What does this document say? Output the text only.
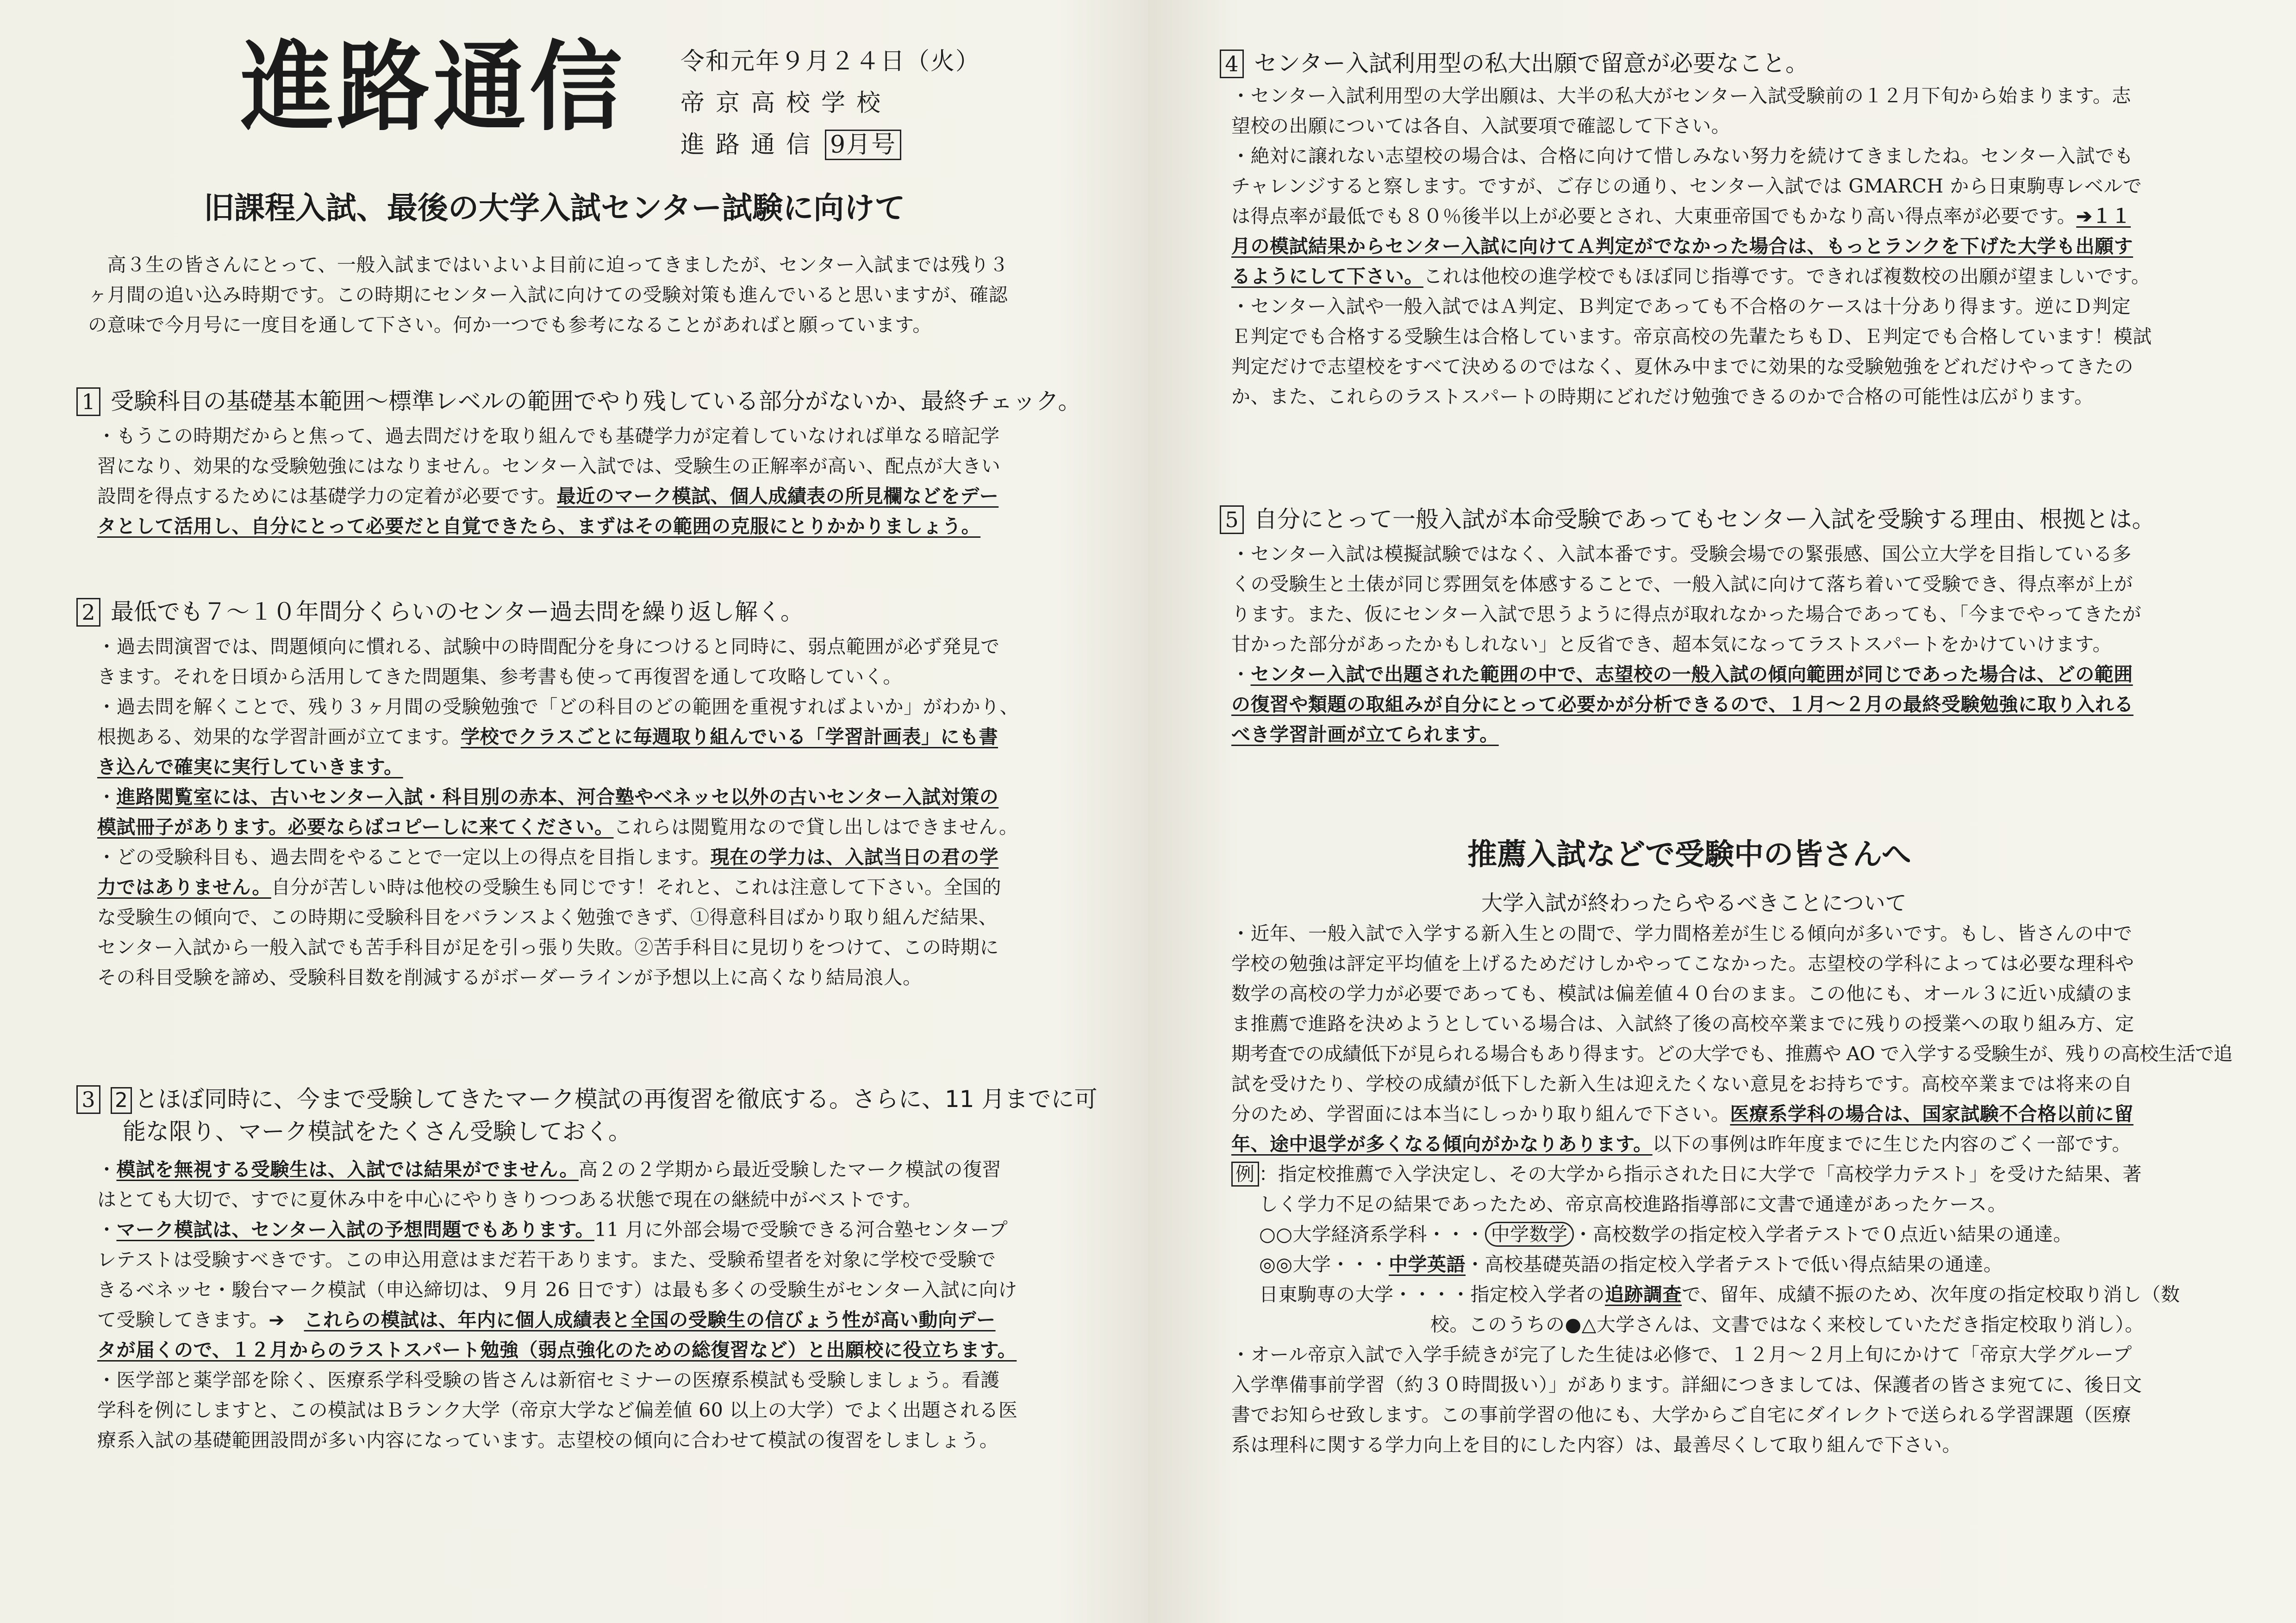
進路通信 令和元年９月２４日（火）
帝京高校学校
進路通信 9月号
旧課程入試、最後の大学入試センター試験に向けて

　高３生の皆さんにとって、一般入試まではいよいよ目前に迫ってきましたが、センター入試までは残り３

ヶ月間の追い込み時期です。この時期にセンター入試に向けての受験対策も進んでいると思いますが、確認

の意味で今月号に一度目を通して下さい。何か一つでも参考になることがあればと願っています。

1 受験科目の基礎基本範囲～標準レベルの範囲でやり残している部分がないか、最終チェック。

・もうこの時期だからと焦って、過去問だけを取り組んでも基礎学力が定着していなければ単なる暗記学

習になり、効果的な受験勉強にはなりません。センター入試では、受験生の正解率が高い、配点が大きい

設問を得点するためには基礎学力の定着が必要です。最近のマーク模試、個人成績表の所見欄などをデー

タとして活用し、自分にとって必要だと自覚できたら、まずはその範囲の克服にとりかかりましょう。

2 最低でも７～１０年間分くらいのセンター過去問を繰り返し解く。

・過去問演習では、問題傾向に慣れる、試験中の時間配分を身につけると同時に、弱点範囲が必ず発見で

きます。それを日頃から活用してきた問題集、参考書も使って再復習を通して攻略していく。

・過去問を解くことで、残り３ヶ月間の受験勉強で「どの科目のどの範囲を重視すればよいか」がわかり、

根拠ある、効果的な学習計画が立てます。学校でクラスごとに毎週取り組んでいる「学習計画表」にも書

き込んで確実に実行していきます。

・進路閲覧室には、古いセンター入試・科目別の赤本、河合塾やベネッセ以外の古いセンター入試対策の

模試冊子があります。必要ならばコピーしに来てください。これらは閲覧用なので貸し出しはできません。

・どの受験科目も、過去問をやることで一定以上の得点を目指します。現在の学力は、入試当日の君の学

力ではありません。自分が苦しい時は他校の受験生も同じです！それと、これは注意して下さい。全国的

な受験生の傾向で、この時期に受験科目をバランスよく勉強できず、①得意科目ばかり取り組んだ結果、

センター入試から一般入試でも苦手科目が足を引っ張り失敗。②苦手科目に見切りをつけて、この時期に

その科目受験を諦め、受験科目数を削減するがボーダーラインが予想以上に高くなり結局浪人。

3 2 とほぼ同時に、今まで受験してきたマーク模試の再復習を徹底する。さらに、11 月までに可
能な限り、マーク模試をたくさん受験しておく。

・模試を無視する受験生は、入試では結果がでません。高２の２学期から最近受験したマーク模試の復習

はとても大切で、すでに夏休み中を中心にやりきりつつある状態で現在の継続中がベストです。

・マーク模試は、センター入試の予想問題でもあります。11 月に外部会場で受験できる河合塾センタープ

レテストは受験すべきです。この申込用意はまだ若干あります。また、受験希望者を対象に学校で受験で

きるベネッセ・駿台マーク模試（申込締切は、９月 26 日です）は最も多くの受験生がセンター入試に向け

て受験してきます。➔　これらの模試は、年内に個人成績表と全国の受験生の信びょう性が高い動向デー

タが届くので、１２月からのラストスパート勉強（弱点強化のための総復習など）と出願校に役立ちます。

・医学部と薬学部を除く、医療系学科受験の皆さんは新宿セミナーの医療系模試も受験しましょう。看護

学科を例にしますと、この模試はＢランク大学（帝京大学など偏差値 60 以上の大学）でよく出題される医

療系入試の基礎範囲設問が多い内容になっています。志望校の傾向に合わせて模試の復習をしましょう。

4 センター入試利用型の私大出願で留意が必要なこと。

・センター入試利用型の大学出願は、大半の私大がセンター入試受験前の１２月下旬から始まります。志

望校の出願については各自、入試要項で確認して下さい。

・絶対に譲れない志望校の場合は、合格に向けて惜しみない努力を続けてきましたね。センター入試でも

チャレンジすると察します。ですが、ご存じの通り、センター入試では GMARCH から日東駒専レベルで

は得点率が最低でも８０％後半以上が必要とされ、大東亜帝国でもかなり高い得点率が必要です。➔１１

月の模試結果からセンター入試に向けてＡ判定がでなかった場合は、もっとランクを下げた大学も出願す

るようにして下さい。これは他校の進学校でもほぼ同じ指導です。できれば複数校の出願が望ましいです。

・センター入試や一般入試ではＡ判定、Ｂ判定であっても不合格のケースは十分あり得ます。逆にＤ判定

Ｅ判定でも合格する受験生は合格しています。帝京高校の先輩たちもＤ、Ｅ判定でも合格しています！模試

判定だけで志望校をすべて決めるのではなく、夏休み中までに効果的な受験勉強をどれだけやってきたの

か、また、これらのラストスパートの時期にどれだけ勉強できるのかで合格の可能性は広がります。

5 自分にとって一般入試が本命受験であってもセンター入試を受験する理由、根拠とは。

・センター入試は模擬試験ではなく、入試本番です。受験会場での緊張感、国公立大学を目指している多

くの受験生と土俵が同じ雰囲気を体感することで、一般入試に向けて落ち着いて受験でき、得点率が上が

ります。また、仮にセンター入試で思うように得点が取れなかった場合であっても、「今までやってきたが

甘かった部分があったかもしれない」と反省でき、超本気になってラストスパートをかけていけます。

・センター入試で出題された範囲の中で、志望校の一般入試の傾向範囲が同じであった場合は、どの範囲

の復習や類題の取組みが自分にとって必要かが分析できるので、１月～２月の最終受験勉強に取り入れる

べき学習計画が立てられます。

推薦入試などで受験中の皆さんへ
大学入試が終わったらやるべきことについて

・近年、一般入試で入学する新入生との間で、学力間格差が生じる傾向が多いです。もし、皆さんの中で

学校の勉強は評定平均値を上げるためだけしかやってこなかった。志望校の学科によっては必要な理科や

数学の高校の学力が必要であっても、模試は偏差値４０台のまま。この他にも、オール３に近い成績のま

ま推薦で進路を決めようとしている場合は、入試終了後の高校卒業までに残りの授業への取り組み方、定

期考査での成績低下が見られる場合もあり得ます。どの大学でも、推薦や AO で入学する受験生が、残りの高校生活で追

試を受けたり、学校の成績が低下した新入生は迎えたくない意見をお持ちです。高校卒業までは将来の自

分のため、学習面には本当にしっかり取り組んで下さい。医療系学科の場合は、国家試験不合格以前に留

年、途中退学が多くなる傾向がかなりあります。以下の事例は昨年度までに生じた内容のごく一部です。

例 ：指定校推薦で入学決定し、その大学から指示された日に大学で「高校学力テスト」を受けた結果、著

しく学力不足の結果であったため、帝京高校進路指導部に文書で通達があったケース。

○○大学経済系学科・・・ 中学数学 ・高校数学の指定校入学者テストで０点近い結果の通達。

◎◎大学・・・中学英語・高校基礎英語の指定校入学者テストで低い得点結果の通達。

日東駒専の大学・・・・指定校入学者の追跡調査で、留年、成績不振のため、次年度の指定校取り消し（数

校。このうちの●△大学さんは、文書ではなく来校していただき指定校取り消し）。

・オール帝京入試で入学手続きが完了した生徒は必修で、１２月～２月上旬にかけて「帝京大学グループ

入学準備事前学習（約３０時間扱い）」があります。詳細につきましては、保護者の皆さま宛てに、後日文

書でお知らせ致します。この事前学習の他にも、大学からご自宅にダイレクトで送られる学習課題（医療

系は理科に関する学力向上を目的にした内容）は、最善尽くして取り組んで下さい。
